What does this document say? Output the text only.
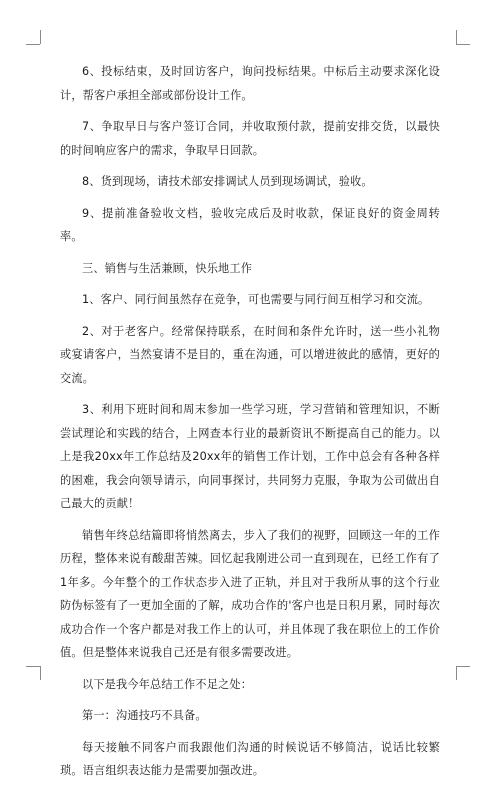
6、投标结束，及时回访客户，询问投标结果。中标后主动要求深化设计，帮客户承担全部或部份设计工作。

7、争取早日与客户签订合同，并收取预付款，提前安排交货，以最快的时间响应客户的需求，争取早日回款。

8、货到现场，请技术部安排调试人员到现场调试，验收。

9、提前准备验收文档，验收完成后及时收款，保证良好的资金周转率。

三、销售与生活兼顾，快乐地工作

1、客户、同行间虽然存在竞争，可也需要与同行间互相学习和交流。

2、对于老客户。经常保持联系，在时间和条件允许时，送一些小礼物或宴请客户，当然宴请不是目的，重在沟通，可以增进彼此的感情，更好的交流。

3、利用下班时间和周末参加一些学习班，学习营销和管理知识，不断尝试理论和实践的结合，上网查本行业的最新资讯不断提高自己的能力。以上是我20xx年工作总结及20xx年的销售工作计划，工作中总会有各种各样的困难，我会向领导请示，向同事探讨，共同努力克服，争取为公司做出自己最大的贡献！

销售年终总结篇即将悄然离去，步入了我们的视野，回顾这一年的工作历程，整体来说有酸甜苦辣。回忆起我刚进公司一直到现在，已经工作有了1年多。今年整个的工作状态步入进了正轨，并且对于我所从事的这个行业防伪标签有了一更加全面的了解，成功合作的'客户也是日积月累，同时每次成功合作一个客户都是对我工作上的认可，并且体现了我在职位上的工作价值。但是整体来说我自己还是有很多需要改进。

以下是我今年总结工作不足之处：

第一：沟通技巧不具备。

每天接触不同客户而我跟他们沟通的时候说话不够简洁，说话比较繁琐。语言组织表达能力是需要加强改进。
